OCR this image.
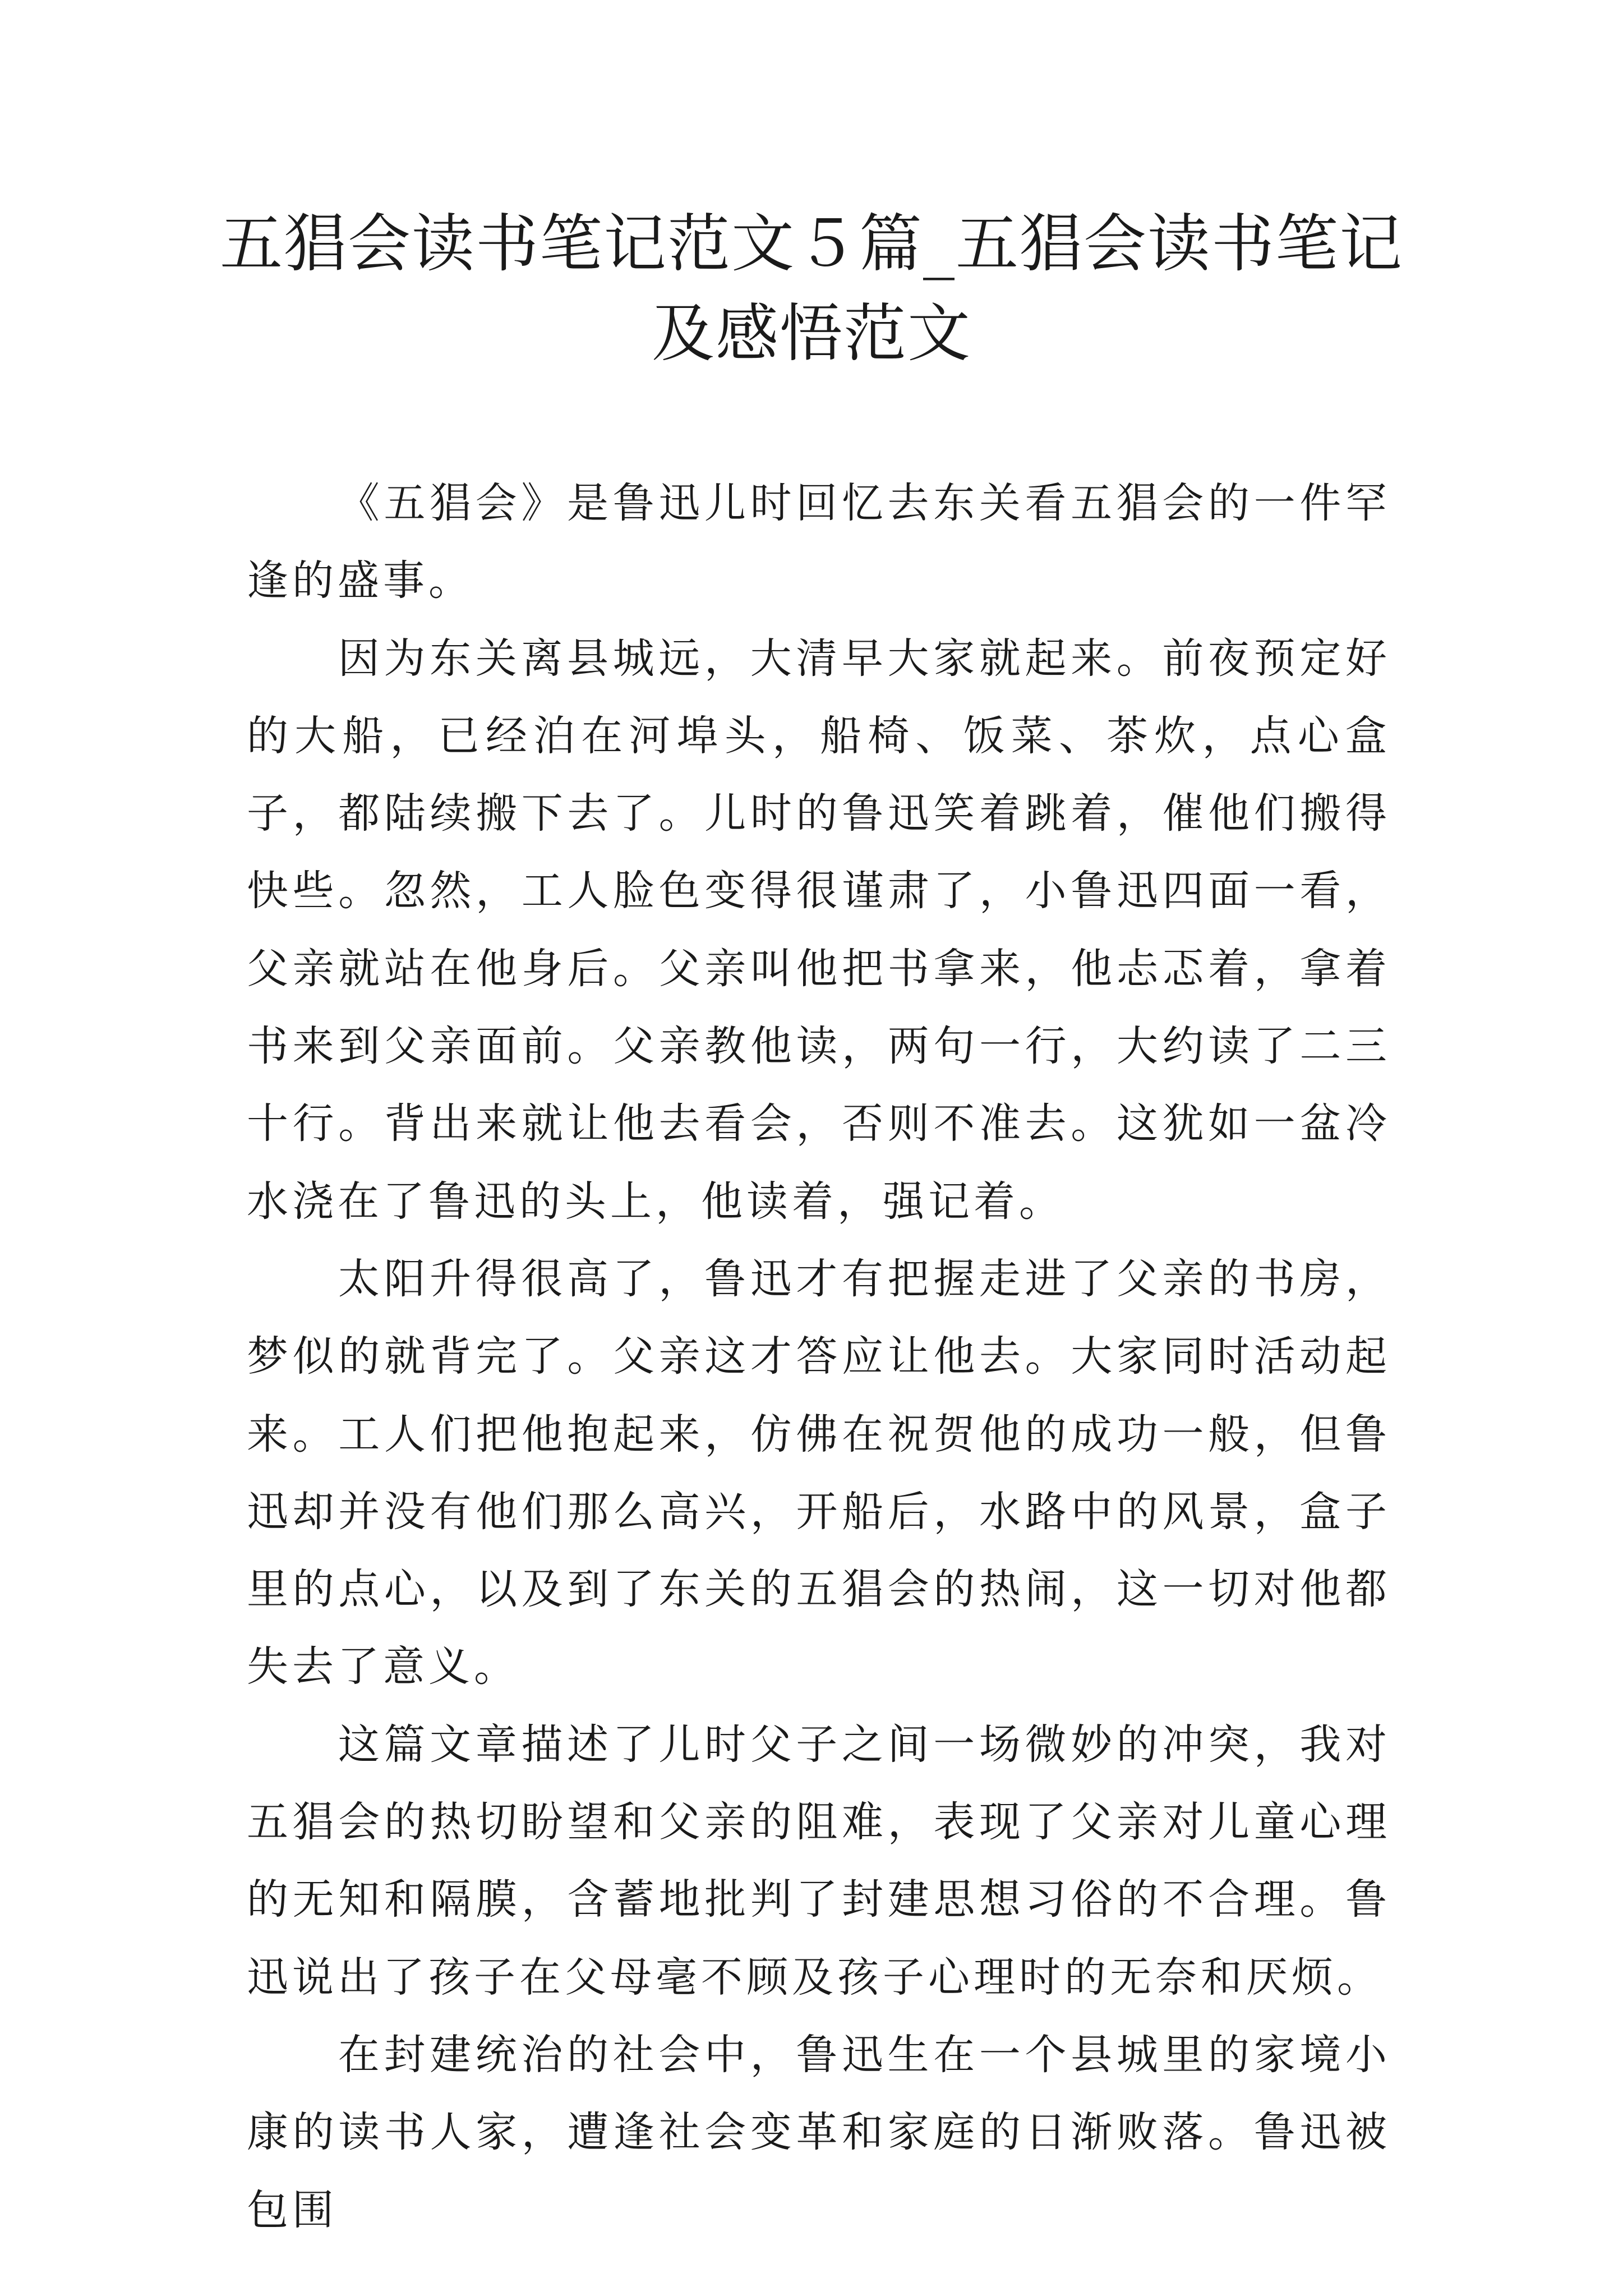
五猖会读书笔记范文５篇_五猖会读书笔记及感悟范文

《五猖会》是鲁迅儿时回忆去东关看五猖会的一件罕逢的盛事。

因为东关离县城远，大清早大家就起来。前夜预定好的大船，已经泊在河埠头，船椅、饭菜、茶炊，点心盒子，都陆续搬下去了。儿时的鲁迅笑着跳着，催他们搬得快些。忽然，工人脸色变得很谨肃了，小鲁迅四面一看，父亲就站在他身后。父亲叫他把书拿来，他忐忑着，拿着书来到父亲面前。父亲教他读，两句一行，大约读了二三十行。背出来就让他去看会，否则不准去。这犹如一盆冷水浇在了鲁迅的头上，他读着，强记着。

太阳升得很高了，鲁迅才有把握走进了父亲的书房，梦似的就背完了。父亲这才答应让他去。大家同时活动起来。工人们把他抱起来，仿佛在祝贺他的成功一般，但鲁迅却并没有他们那么高兴，开船后，水路中的风景，盒子里的点心，以及到了东关的五猖会的热闹，这一切对他都失去了意义。

这篇文章描述了儿时父子之间一场微妙的冲突，我对五猖会的热切盼望和父亲的阻难，表现了父亲对儿童心理的无知和隔膜，含蓄地批判了封建思想习俗的不合理。鲁迅说出了孩子在父母毫不顾及孩子心理时的无奈和厌烦。

在封建统治的社会中，鲁迅生在一个县城里的家境小康的读书人家，遭逢社会变革和家庭的日渐败落。鲁迅被包围
